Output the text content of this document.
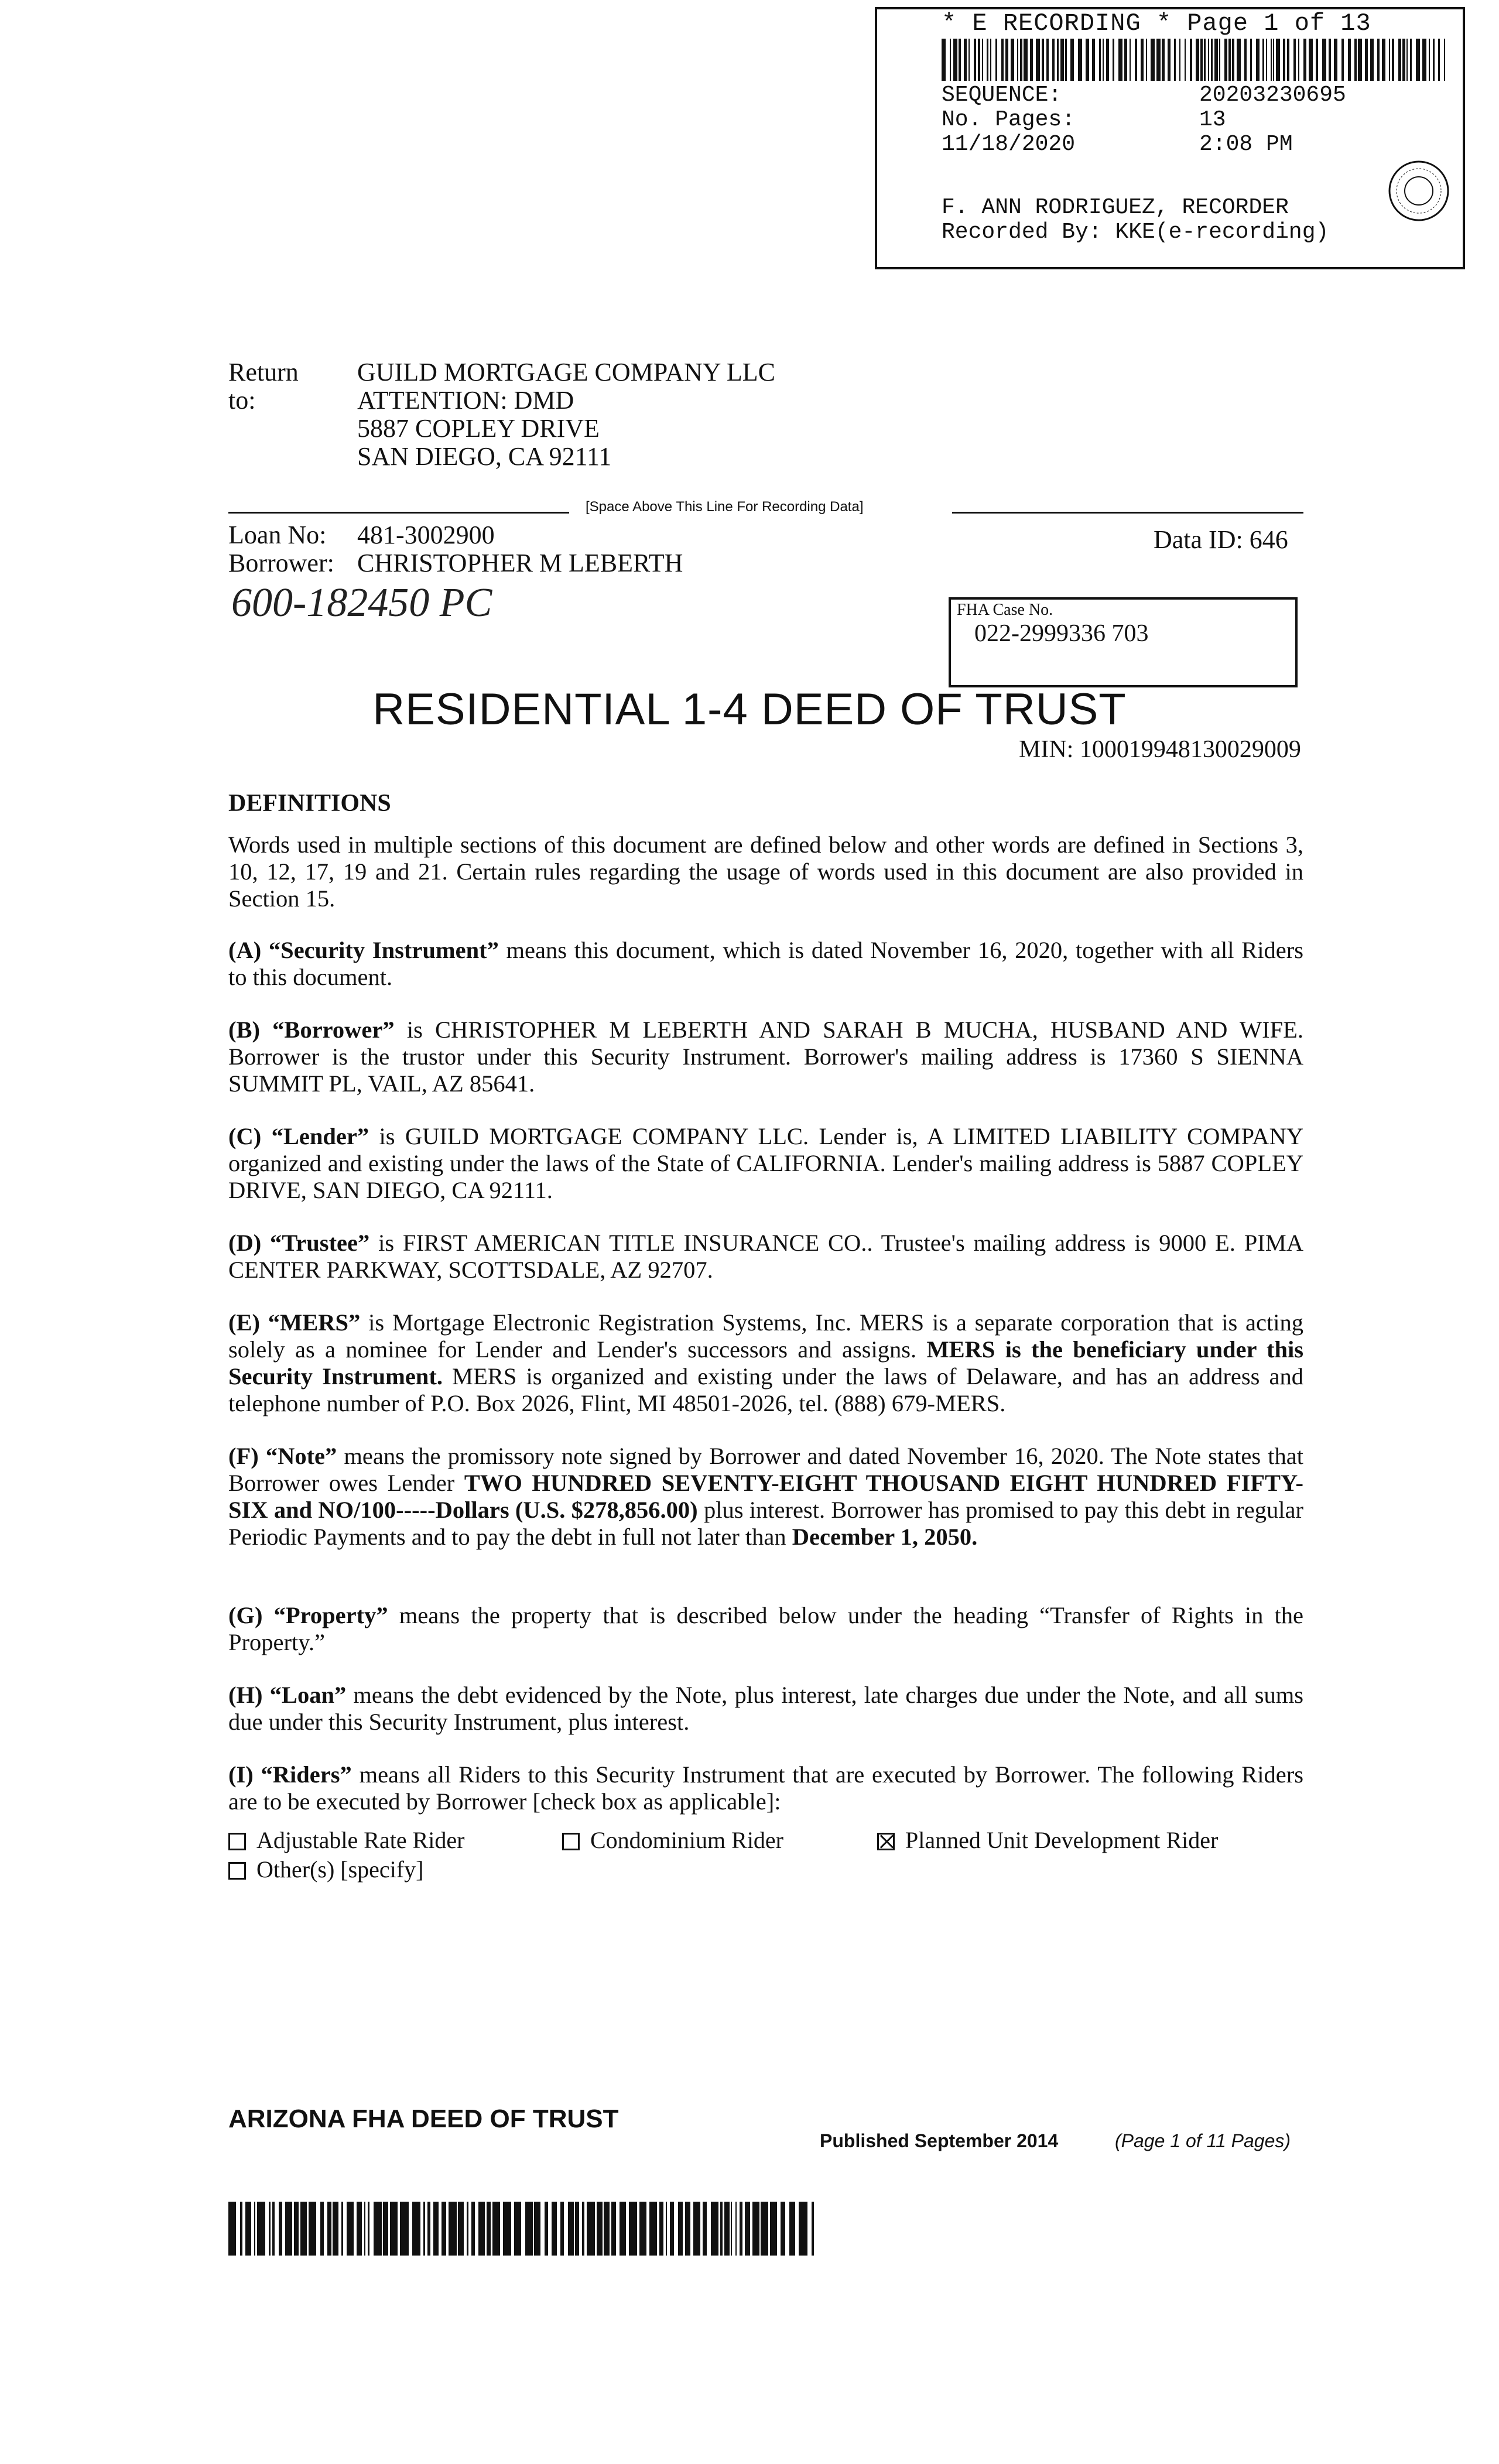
* E RECORDING * Page 1 of 13
SEQUENCE:	20203230695
No. Pages:	13
11/18/2020	2:08 PM
F. ANN RODRIGUEZ, RECORDER
Recorded By: KKE(e-recording)
Return to:
GUILD MORTGAGE COMPANY LLC
ATTENTION: DMD
5887 COPLEY DRIVE
SAN DIEGO, CA 92111
[Space Above This Line For Recording Data]
Loan No: 481-3002900
Borrower: CHRISTOPHER M LEBERTH
Data ID: 646
600-182450 PC	FHA Case No.
022-2999336 703
RESIDENTIAL 1-4 DEED OF TRUST
MIN: 100019948130029009
DEFINITIONS
Words used in multiple sections of this document are defined below and other words are defined in Sections 3, 10, 12, 17, 19 and 21. Certain rules regarding the usage of words used in this document are also provided in Section 15.
(A) “Security Instrument” means this document, which is dated November 16, 2020, together with all Riders to this document.
(B) “Borrower” is CHRISTOPHER M LEBERTH AND SARAH B MUCHA, HUSBAND AND WIFE. Borrower is the trustor under this Security Instrument. Borrower's mailing address is 17360 S SIENNA SUMMIT PL, VAIL, AZ 85641.
(C) “Lender” is GUILD MORTGAGE COMPANY LLC. Lender is, A LIMITED LIABILITY COMPANY organized and existing under the laws of the State of CALIFORNIA. Lender's mailing address is 5887 COPLEY DRIVE, SAN DIEGO, CA 92111.
(D) “Trustee” is FIRST AMERICAN TITLE INSURANCE CO.. Trustee's mailing address is 9000 E. PIMA CENTER PARKWAY, SCOTTSDALE, AZ 92707.
(E) “MERS” is Mortgage Electronic Registration Systems, Inc. MERS is a separate corporation that is acting solely as a nominee for Lender and Lender's successors and assigns. MERS is the beneficiary under this Security Instrument. MERS is organized and existing under the laws of Delaware, and has an address and telephone number of P.O. Box 2026, Flint, MI 48501-2026, tel. (888) 679-MERS.
(F) “Note” means the promissory note signed by Borrower and dated November 16, 2020. The Note states that Borrower owes Lender TWO HUNDRED SEVENTY-EIGHT THOUSAND EIGHT HUNDRED FIFTY-SIX and NO/100-----Dollars (U.S. $278,856.00) plus interest. Borrower has promised to pay this debt in regular Periodic Payments and to pay the debt in full not later than December 1, 2050.
(G) “Property” means the property that is described below under the heading “Transfer of Rights in the Property.”
(H) “Loan” means the debt evidenced by the Note, plus interest, late charges due under the Note, and all sums due under this Security Instrument, plus interest.
(I) “Riders” means all Riders to this Security Instrument that are executed by Borrower. The following Riders are to be executed by Borrower [check box as applicable]:
Adjustable Rate Rider	Condominium Rider	Planned Unit Development Rider
Other(s) [specify]
ARIZONA FHA DEED OF TRUST
Published September 2014	(Page 1 of 11 Pages)
